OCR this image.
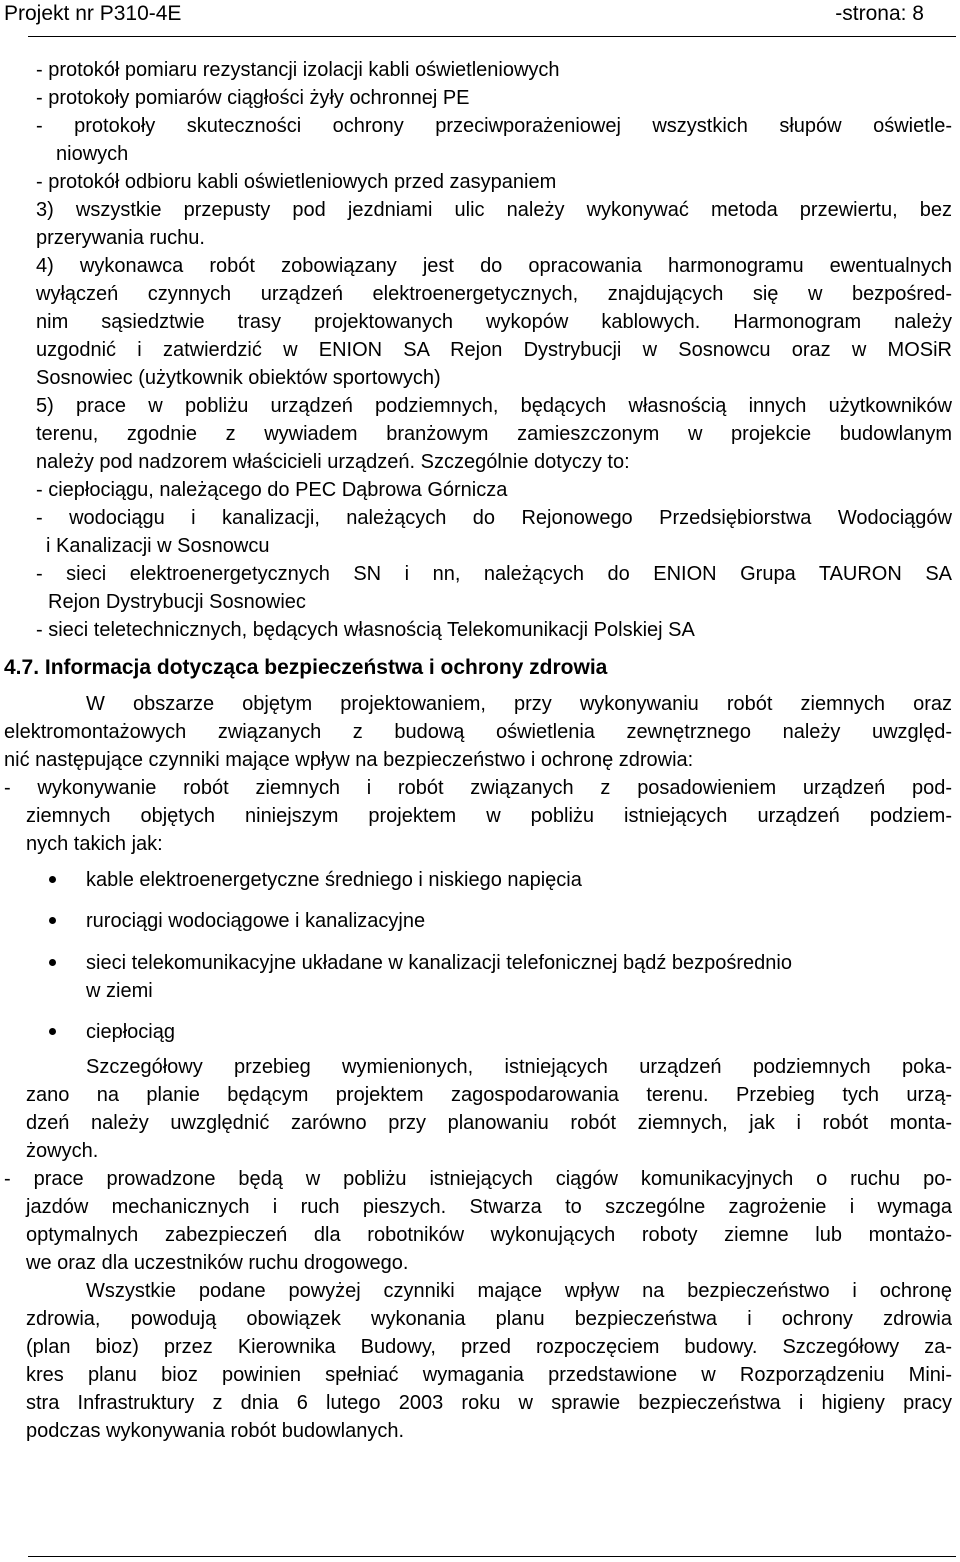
Projekt nr P310-4E	-strona: 8
- protokół pomiaru rezystancji izolacji kabli oświetleniowych
- protokoły pomiarów ciągłości żyły ochronnej PE
- protokoły skuteczności ochrony przeciwporażeniowej wszystkich słupów oświetle-
niowych
- protokół odbioru kabli oświetleniowych przed zasypaniem
3) wszystkie przepusty pod jezdniami ulic należy wykonywać metoda przewiertu, bez
przerywania ruchu.
4) wykonawca robót zobowiązany jest do opracowania harmonogramu ewentualnych
wyłączeń czynnych urządzeń elektroenergetycznych, znajdujących się w bezpośred-
nim sąsiedztwie trasy projektowanych wykopów kablowych. Harmonogram należy
uzgodnić i zatwierdzić w ENION SA Rejon Dystrybucji w Sosnowcu oraz w MOSiR
Sosnowiec (użytkownik obiektów sportowych)
5) prace w pobliżu urządzeń podziemnych, będących własnością innych użytkowników
terenu, zgodnie z wywiadem branżowym zamieszczonym w projekcie budowlanym
należy pod nadzorem właścicieli urządzeń. Szczególnie dotyczy to:
- ciepłociągu, należącego do PEC Dąbrowa Górnicza
- wodociągu i kanalizacji, należących do Rejonowego Przedsiębiorstwa Wodociągów
i Kanalizacji w Sosnowcu
- sieci elektroenergetycznych SN i nn, należących do ENION Grupa TAURON SA
Rejon Dystrybucji Sosnowiec
- sieci teletechnicznych, będących własnością Telekomunikacji Polskiej SA
4.7. Informacja dotycząca bezpieczeństwa i ochrony zdrowia
W obszarze objętym projektowaniem, przy wykonywaniu robót ziemnych oraz
elektromontażowych związanych z budową oświetlenia zewnętrznego należy uwzględ-
nić następujące czynniki mające wpływ na bezpieczeństwo i ochronę zdrowia:
- wykonywanie robót ziemnych i robót związanych z posadowieniem urządzeń pod-
ziemnych objętych niniejszym projektem w pobliżu istniejących urządzeń podziem-
nych takich jak:
kable elektroenergetyczne średniego i niskiego napięcia
rurociągi wodociągowe i kanalizacyjne
sieci telekomunikacyjne układane w kanalizacji telefonicznej bądź bezpośrednio
w ziemi
ciepłociąg
Szczegółowy przebieg wymienionych, istniejących urządzeń podziemnych poka-
zano na planie będącym projektem zagospodarowania terenu. Przebieg tych urzą-
dzeń należy uwzględnić zarówno przy planowaniu robót ziemnych, jak i robót monta-
żowych.
- prace prowadzone będą w pobliżu istniejących ciągów komunikacyjnych o ruchu po-
jazdów mechanicznych i ruch pieszych. Stwarza to szczególne zagrożenie i wymaga
optymalnych zabezpieczeń dla robotników wykonujących roboty ziemne lub montażo-
we oraz dla uczestników ruchu drogowego.
Wszystkie podane powyżej czynniki mające wpływ na bezpieczeństwo i ochronę
zdrowia, powodują obowiązek wykonania planu bezpieczeństwa i ochrony zdrowia
(plan bioz) przez Kierownika Budowy, przed rozpoczęciem budowy. Szczegółowy za-
kres planu bioz powinien spełniać wymagania przedstawione w Rozporządzeniu Mini-
stra Infrastruktury z dnia 6 lutego 2003 roku w sprawie bezpieczeństwa i higieny pracy
podczas wykonywania robót budowlanych.
